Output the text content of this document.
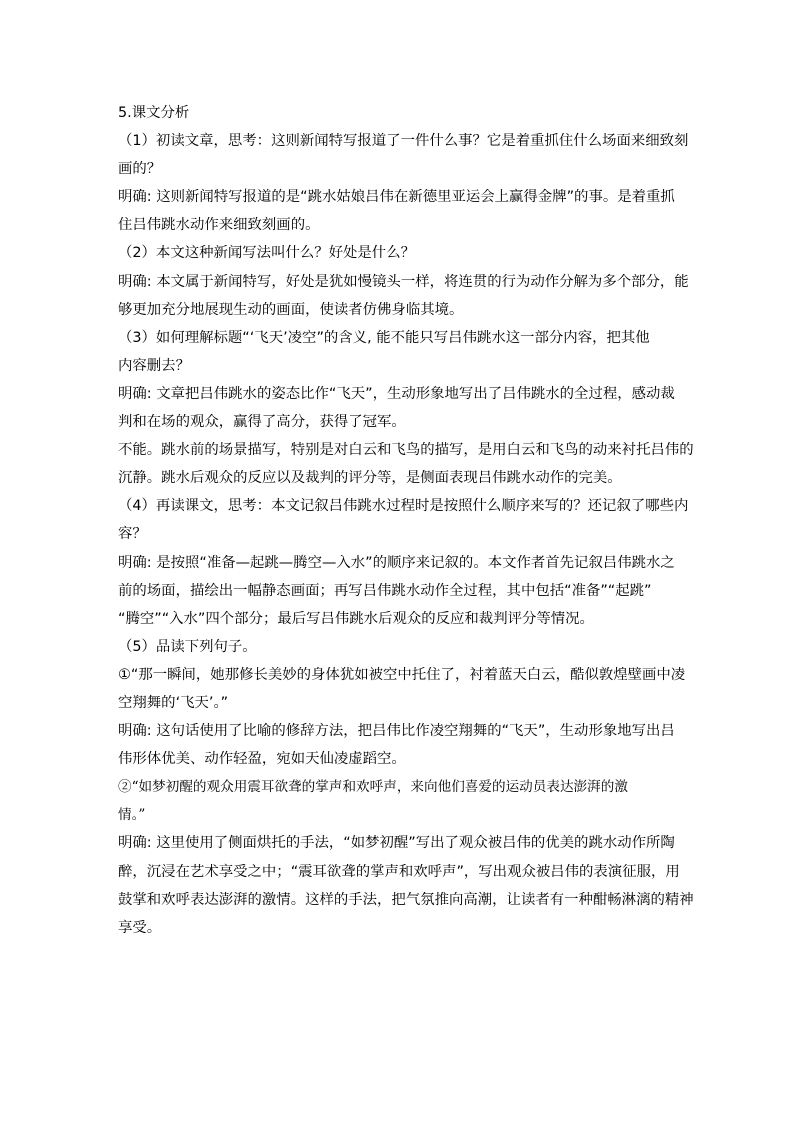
5.课文分析
（1）初读文章，思考：这则新闻特写报道了一件什么事？它是着重抓住什么场面来细致刻
画的？
明确: 这则新闻特写报道的是“跳水姑娘吕伟在新德里亚运会上赢得金牌”的事。是着重抓
住吕伟跳水动作来细致刻画的。
（2）本文这种新闻写法叫什么？好处是什么？
明确: 本文属于新闻特写，好处是犹如慢镜头一样，将连贯的行为动作分解为多个部分，能
够更加充分地展现生动的画面，使读者仿佛身临其境。
（3）如何理解标题“‘飞天’凌空”的含义, 能不能只写吕伟跳水这一部分内容，把其他
内容删去？
明确: 文章把吕伟跳水的姿态比作“飞天”，生动形象地写出了吕伟跳水的全过程，感动裁
判和在场的观众，赢得了高分，获得了冠军。
不能。跳水前的场景描写，特别是对白云和飞鸟的描写，是用白云和飞鸟的动来衬托吕伟的
沉静。跳水后观众的反应以及裁判的评分等，是侧面表现吕伟跳水动作的完美。
（4）再读课文，思考：本文记叙吕伟跳水过程时是按照什么顺序来写的？还记叙了哪些内
容？
明确: 是按照“准备—起跳—腾空—入水”的顺序来记叙的。本文作者首先记叙吕伟跳水之
前的场面，描绘出一幅静态画面；再写吕伟跳水动作全过程，其中包括“准备”“起跳”
“腾空”“入水”四个部分；最后写吕伟跳水后观众的反应和裁判评分等情况。
（5）品读下列句子。
①“那一瞬间，她那修长美妙的身体犹如被空中托住了，衬着蓝天白云，酷似敦煌壁画中凌
空翔舞的‘飞天’。”
明确: 这句话使用了比喻的修辞方法，把吕伟比作凌空翔舞的“飞天”，生动形象地写出吕
伟形体优美、动作轻盈，宛如天仙凌虚蹈空。
②“如梦初醒的观众用震耳欲聋的掌声和欢呼声，来向他们喜爱的运动员表达澎湃的激
情。”
明确: 这里使用了侧面烘托的手法，“如梦初醒”写出了观众被吕伟的优美的跳水动作所陶
醉，沉浸在艺术享受之中；“震耳欲聋的掌声和欢呼声”，写出观众被吕伟的表演征服，用
鼓掌和欢呼表达澎湃的激情。这样的手法，把气氛推向高潮，让读者有一种酣畅淋漓的精神
享受。
